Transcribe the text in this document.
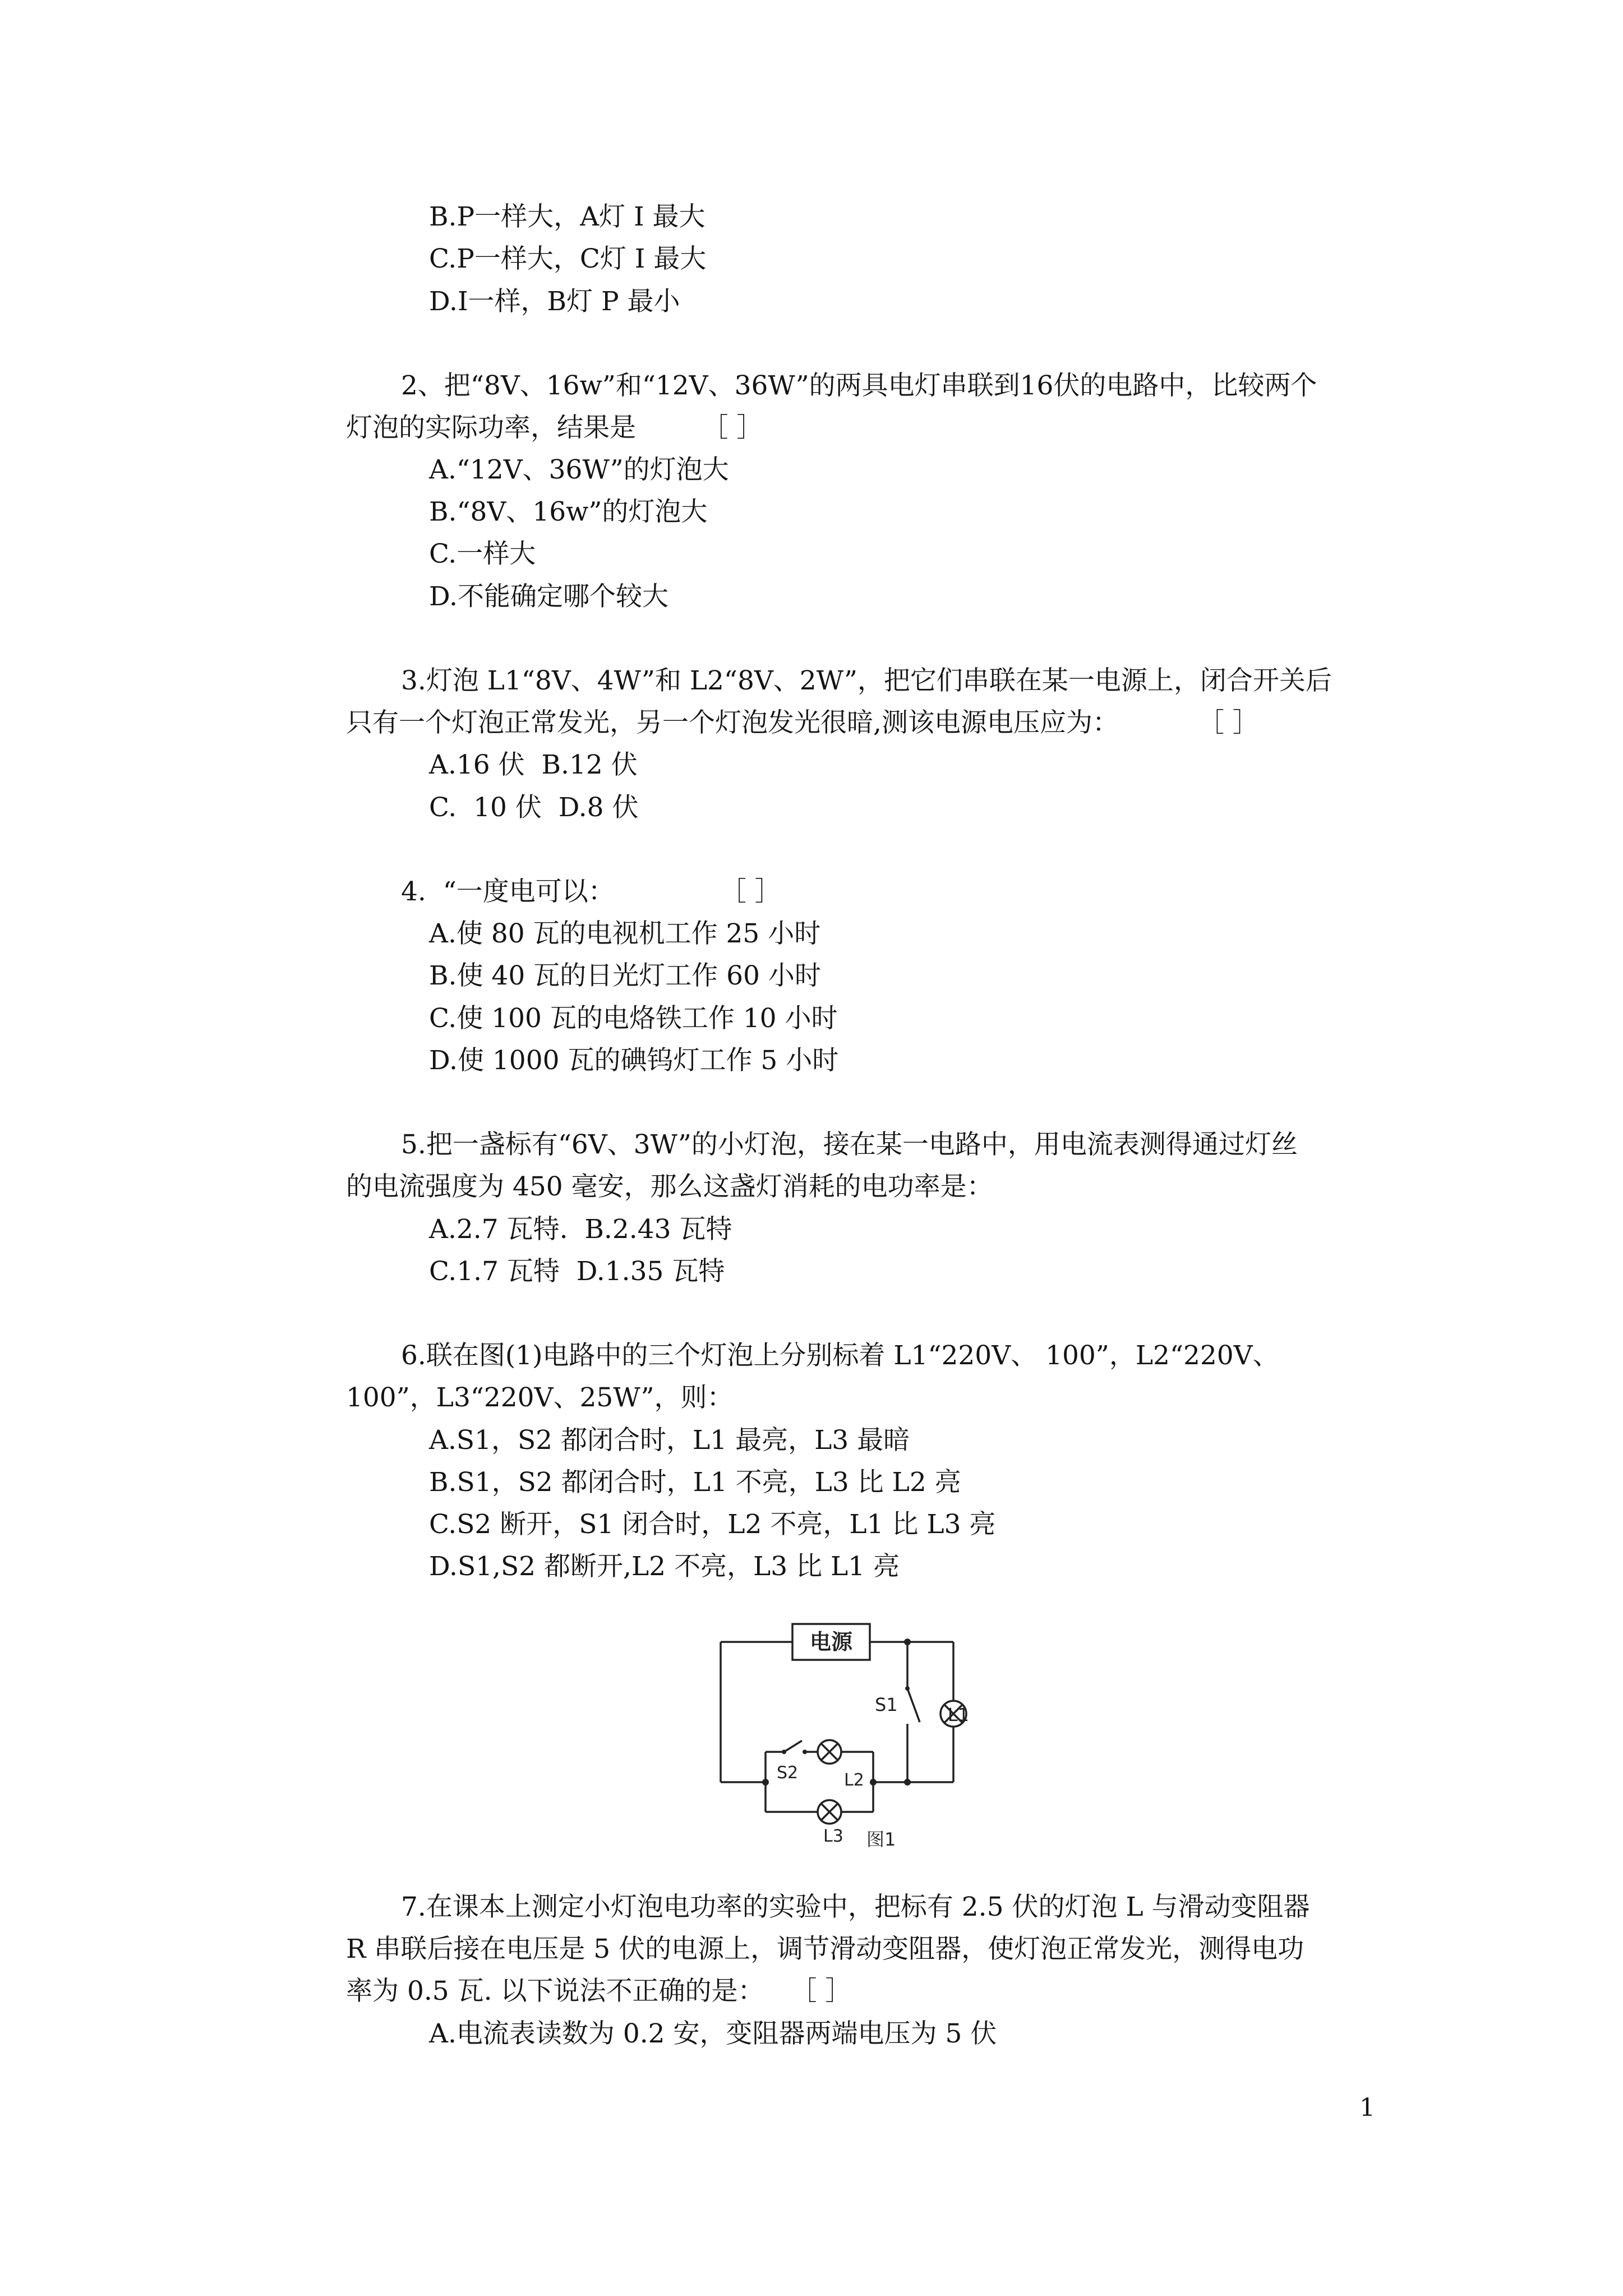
B.P一样大，A灯 I 最大

C.P一样大，C灯 I 最大

D.I一样，B灯 P 最小

2、把“8V、16w”和“12V、36W”的两具电灯串联到16伏的电路中，比较两个

灯泡的实际功率，结果是　　　［ ］

A.“12V、36W”的灯泡大

B.“8V、16w”的灯泡大

C.一样大

D.不能确定哪个较大

3.灯泡 L1“8V、4W”和 L2“8V、2W”，把它们串联在某一电源上，闭合开关后

只有一个灯泡正常发光，另一个灯泡发光很暗,测该电源电压应为：　　　　［ ］

A.16 伏  B.12 伏

C.  10 伏  D.8 伏

4.  “一度电可以：　　　　　［ ］

A.使 80 瓦的电视机工作 25 小时

B.使 40 瓦的日光灯工作 60 小时

C.使 100 瓦的电烙铁工作 10 小时

D.使 1000 瓦的碘钨灯工作 5 小时

5.把一盏标有“6V、3W”的小灯泡，接在某一电路中，用电流表测得通过灯丝

的电流强度为 450 毫安，那么这盏灯消耗的电功率是：

A.2.7 瓦特.  B.2.43 瓦特

C.1.7 瓦特  D.1.35 瓦特

6.联在图(1)电路中的三个灯泡上分别标着 L1“220V、 100”，L2“220V、

100”，L3“220V、25W”，则：

A.S1，S2 都闭合时，L1 最亮，L3 最暗

B.S1，S2 都闭合时，L1 不亮，L3 比 L2 亮

C.S2 断开，S1 闭合时，L2 不亮，L1 比 L3 亮

D.S1,S2 都断开,L2 不亮，L3 比 L1 亮

电源
S1	L1
S2	L2
L3 图1

7.在课本上测定小灯泡电功率的实验中，把标有 2.5 伏的灯泡 L 与滑动变阻器

R 串联后接在电压是 5 伏的电源上，调节滑动变阻器，使灯泡正常发光，测得电功

率为 0.5 瓦. 以下说法不正确的是：　　［ ］

A.电流表读数为 0.2 安，变阻器两端电压为 5 伏

1
